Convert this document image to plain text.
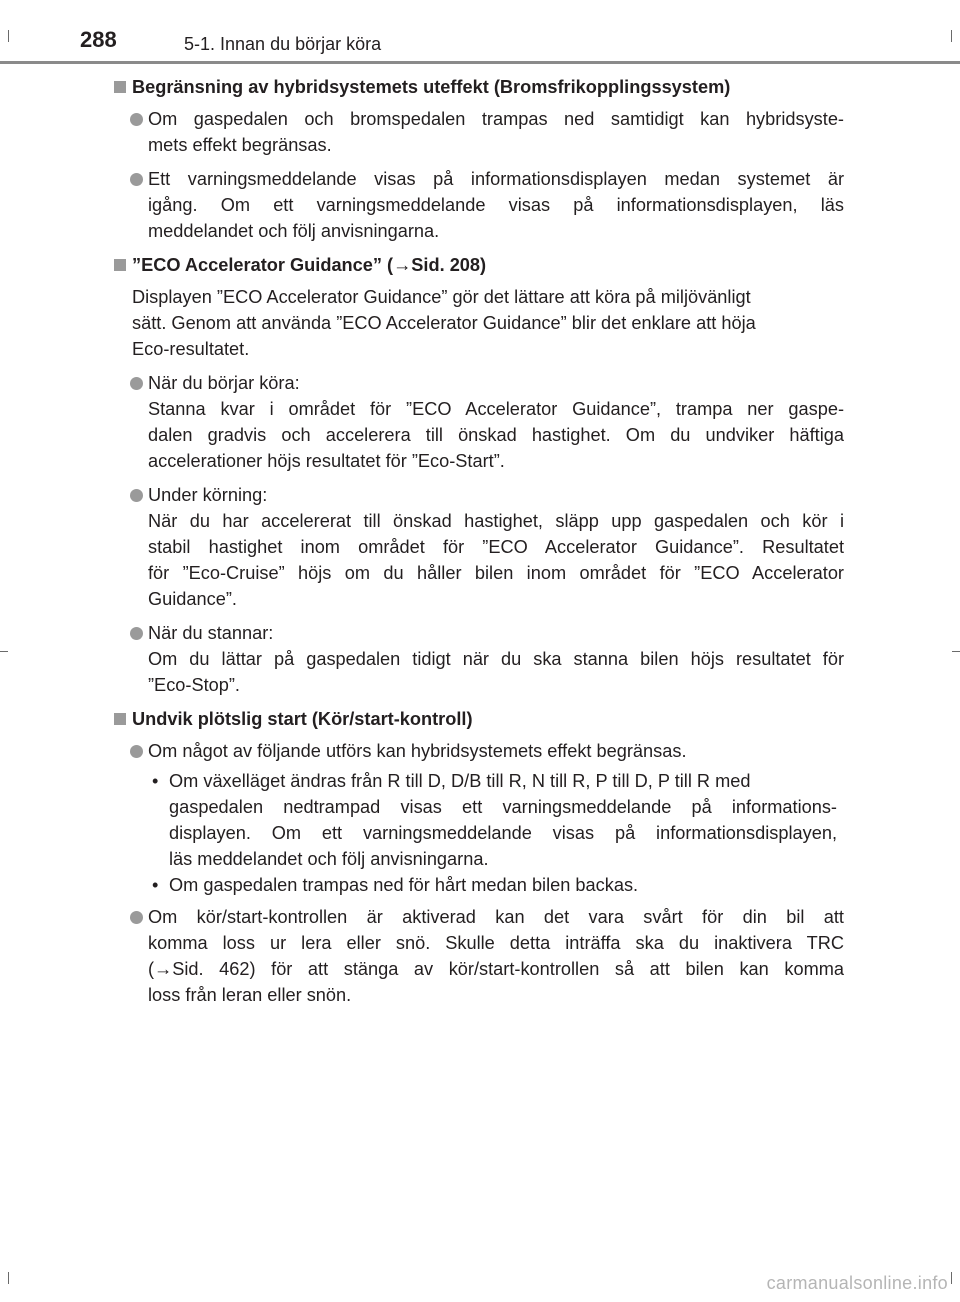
288	5-1. Innan du börjar köra
Begränsning av hybridsystemets uteffekt (Bromsfrikopplingssystem)
Om gaspedalen och bromspedalen trampas ned samtidigt kan hybridsyste-
mets effekt begränsas.
Ett varningsmeddelande visas på informationsdisplayen medan systemet är
igång. Om ett varningsmeddelande visas på informationsdisplayen, läs
meddelandet och följ anvisningarna.
”ECO Accelerator Guidance” (→Sid. 208)
Displayen ”ECO Accelerator Guidance” gör det lättare att köra på miljövänligt
sätt. Genom att använda ”ECO Accelerator Guidance” blir det enklare att höja
Eco-resultatet.
När du börjar köra:
Stanna kvar i området för ”ECO Accelerator Guidance”, trampa ner gaspe-
dalen gradvis och accelerera till önskad hastighet. Om du undviker häftiga
accelerationer höjs resultatet för ”Eco-Start”.
Under körning:
När du har accelererat till önskad hastighet, släpp upp gaspedalen och kör i
stabil hastighet inom området för ”ECO Accelerator Guidance”. Resultatet
för ”Eco-Cruise” höjs om du håller bilen inom området för ”ECO Accelerator
Guidance”.
När du stannar:
Om du lättar på gaspedalen tidigt när du ska stanna bilen höjs resultatet för
”Eco-Stop”.
Undvik plötslig start (Kör/start-kontroll)
Om något av följande utförs kan hybridsystemets effekt begränsas.
• Om växelläget ändras från R till D, D/B till R, N till R, P till D, P till R med
gaspedalen nedtrampad visas ett varningsmeddelande på informations-
displayen. Om ett varningsmeddelande visas på informationsdisplayen,
läs meddelandet och följ anvisningarna.
• Om gaspedalen trampas ned för hårt medan bilen backas.
Om kör/start-kontrollen är aktiverad kan det vara svårt för din bil att
komma loss ur lera eller snö. Skulle detta inträffa ska du inaktivera TRC
(→Sid. 462) för att stänga av kör/start-kontrollen så att bilen kan komma
loss från leran eller snön.
carmanualsonline.info
